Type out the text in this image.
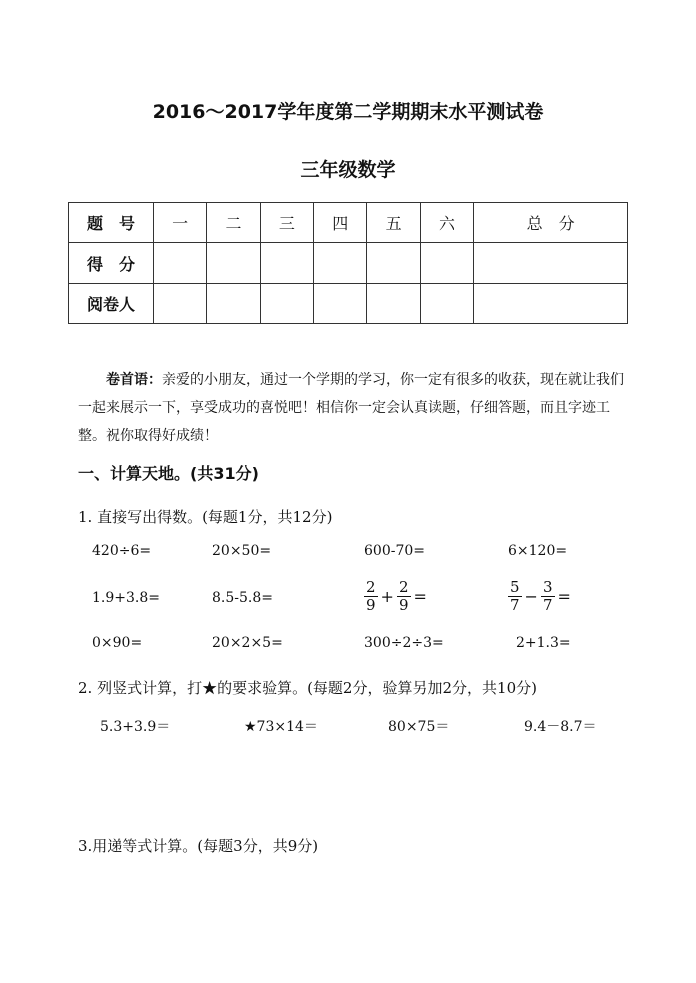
2016～2017学年度第二学期期末水平测试卷
三年级数学
题　号	一	二	三	四	五	六	总　分
得　分							
阅卷人							
卷首语：亲爱的小朋友，通过一个学期的学习，你一定有很多的收获，现在就让我们一起来展示一下，享受成功的喜悦吧！相信你一定会认真读题，仔细答题，而且字迹工整。祝你取得好成绩！
一、计算天地。(共31分)
1. 直接写出得数。(每题1分，共12分)
420÷6=	20×50=	600-70=	6×120=
1.9+3.8=	8.5-5.8=	$\frac{2}{9} + \frac{2}{9}$ =	$\frac{5}{7} - \frac{3}{7}$ =
0×90=	20×2×5=	300÷2÷3=	2+1.3=
2. 列竖式计算，打★的要求验算。(每题2分，验算另加2分，共10分)
5.3+3.9＝	★73×14＝	80×75＝	9.4－8.7＝
3.用递等式计算。(每题3分，共9分)
